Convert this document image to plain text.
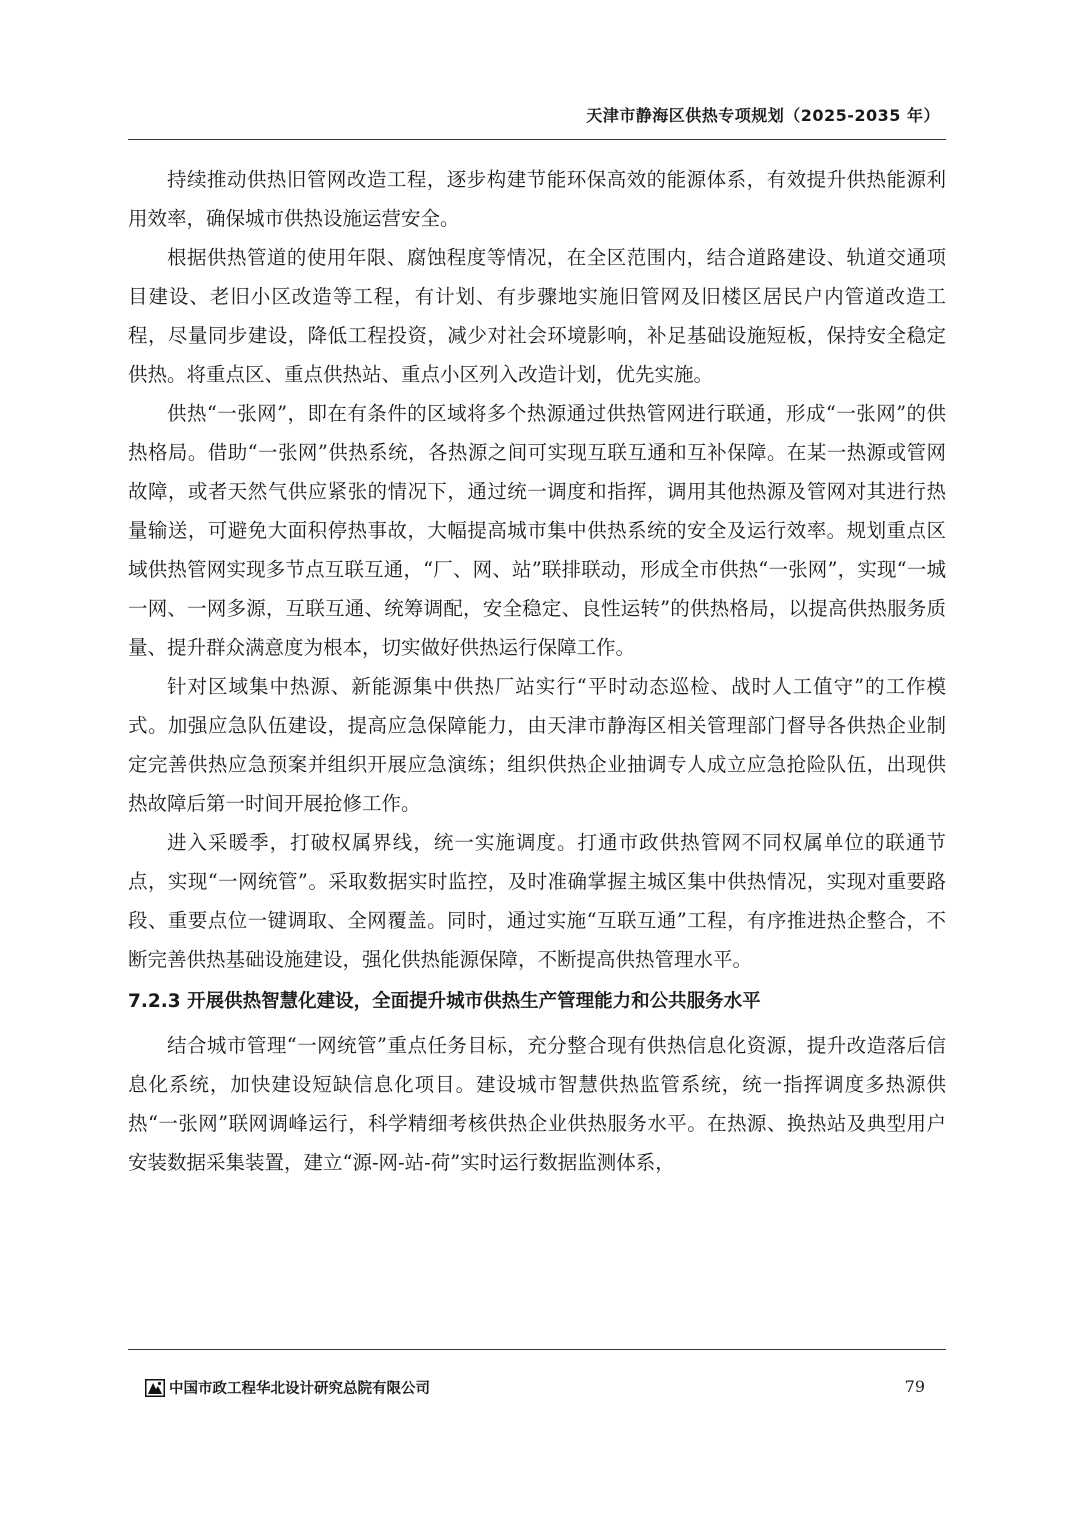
天津市静海区供热专项规划（2025-2035 年）

持续推动供热旧管网改造工程，逐步构建节能环保高效的能源体系，有效提升供热能源利用效率，确保城市供热设施运营安全。

根据供热管道的使用年限、腐蚀程度等情况，在全区范围内，结合道路建设、轨道交通项目建设、老旧小区改造等工程，有计划、有步骤地实施旧管网及旧楼区居民户内管道改造工程，尽量同步建设，降低工程投资，减少对社会环境影响，补足基础设施短板，保持安全稳定供热。将重点区、重点供热站、重点小区列入改造计划，优先实施。

供热“一张网”，即在有条件的区域将多个热源通过供热管网进行联通，形成“一张网”的供热格局。借助“一张网”供热系统，各热源之间可实现互联互通和互补保障。在某一热源或管网故障，或者天然气供应紧张的情况下，通过统一调度和指挥，调用其他热源及管网对其进行热量输送，可避免大面积停热事故，大幅提高城市集中供热系统的安全及运行效率。规划重点区域供热管网实现多节点互联互通，“厂、网、站”联排联动，形成全市供热“一张网”，实现“一城一网、一网多源，互联互通、统筹调配，安全稳定、良性运转”的供热格局，以提高供热服务质量、提升群众满意度为根本，切实做好供热运行保障工作。

针对区域集中热源、新能源集中供热厂站实行“平时动态巡检、战时人工值守”的工作模式。加强应急队伍建设，提高应急保障能力，由天津市静海区相关管理部门督导各供热企业制定完善供热应急预案并组织开展应急演练；组织供热企业抽调专人成立应急抢险队伍，出现供热故障后第一时间开展抢修工作。

进入采暖季，打破权属界线，统一实施调度。打通市政供热管网不同权属单位的联通节点，实现“一网统管”。采取数据实时监控，及时准确掌握主城区集中供热情况，实现对重要路段、重要点位一键调取、全网覆盖。同时，通过实施“互联互通”工程，有序推进热企整合，不断完善供热基础设施建设，强化供热能源保障，不断提高供热管理水平。

7.2.3 开展供热智慧化建设，全面提升城市供热生产管理能力和公共服务水平

结合城市管理“一网统管”重点任务目标，充分整合现有供热信息化资源，提升改造落后信息化系统，加快建设短缺信息化项目。建设城市智慧供热监管系统，统一指挥调度多热源供热“一张网”联网调峰运行，科学精细考核供热企业供热服务水平。在热源、换热站及典型用户安装数据采集装置，建立“源-网-站-荷”实时运行数据监测体系，

中国市政工程华北设计研究总院有限公司	79
